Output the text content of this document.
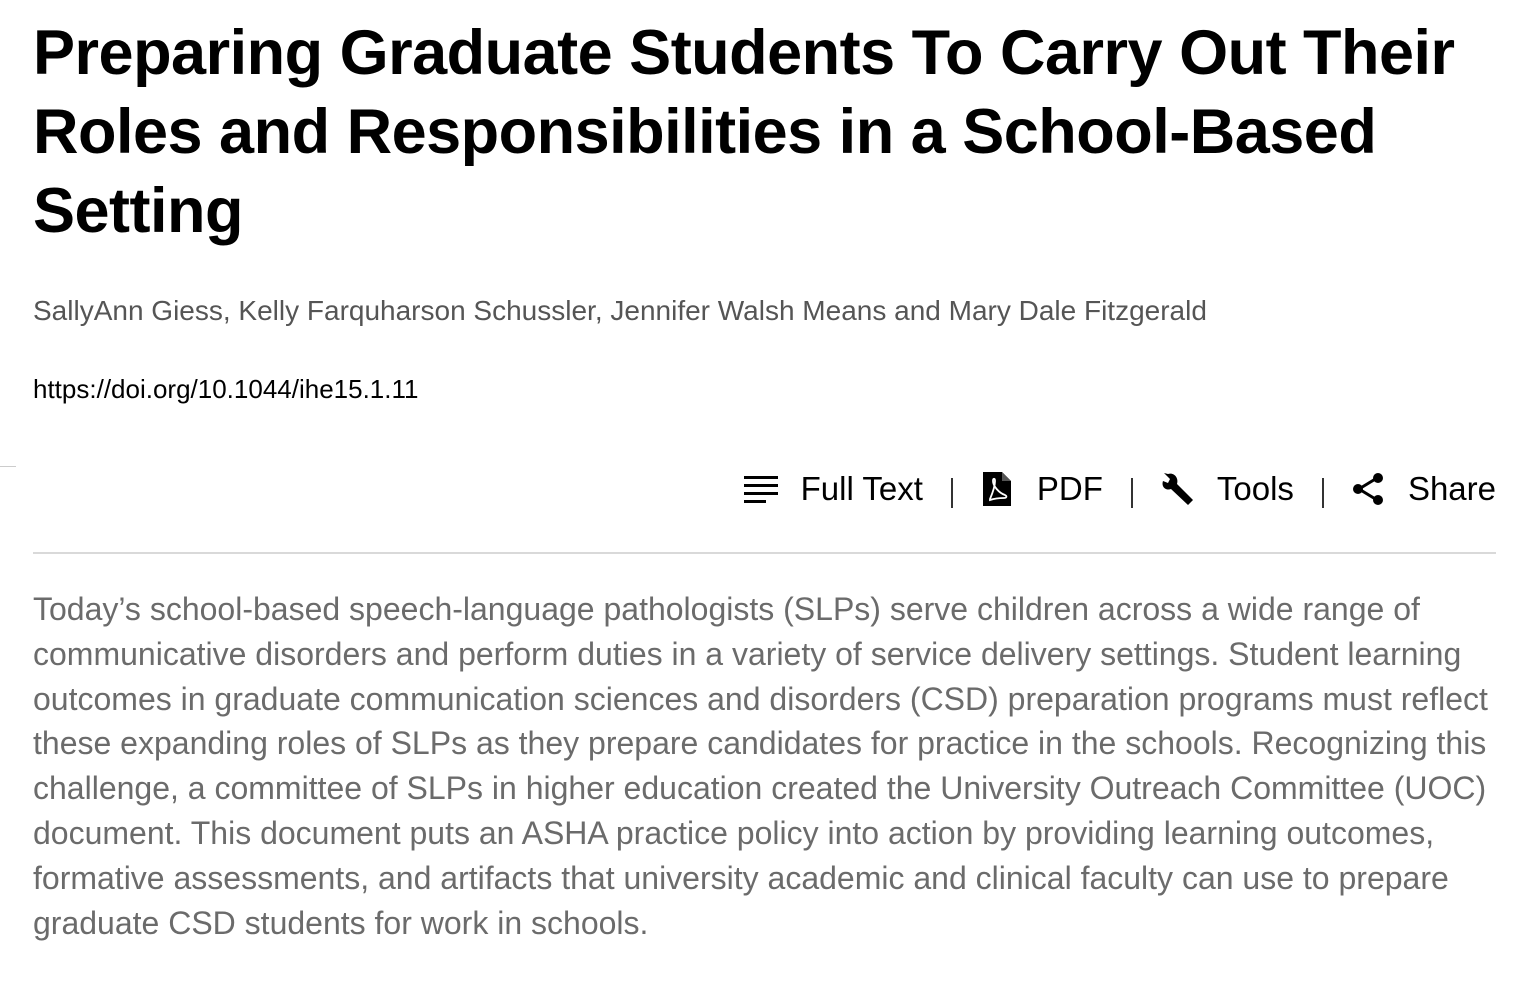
Preparing Graduate Students To Carry Out Their Roles and Responsibilities in a School-Based Setting
SallyAnn Giess, Kelly Farquharson Schussler, Jennifer Walsh Means and Mary Dale Fitzgerald
https://doi.org/10.1044/ihe15.1.11
Full Text	PDF	Tools	Share

Today’s school-based speech-language pathologists (SLPs) serve children across a wide range of communicative disorders and perform duties in a variety of service delivery settings. Student learning outcomes in graduate communication sciences and disorders (CSD) preparation programs must reflect these expanding roles of SLPs as they prepare candidates for practice in the schools. Recognizing this challenge, a committee of SLPs in higher education created the University Outreach Committee (UOC) document. This document puts an ASHA practice policy into action by providing learning outcomes, formative assessments, and artifacts that university academic and clinical faculty can use to prepare graduate CSD students for work in schools.
